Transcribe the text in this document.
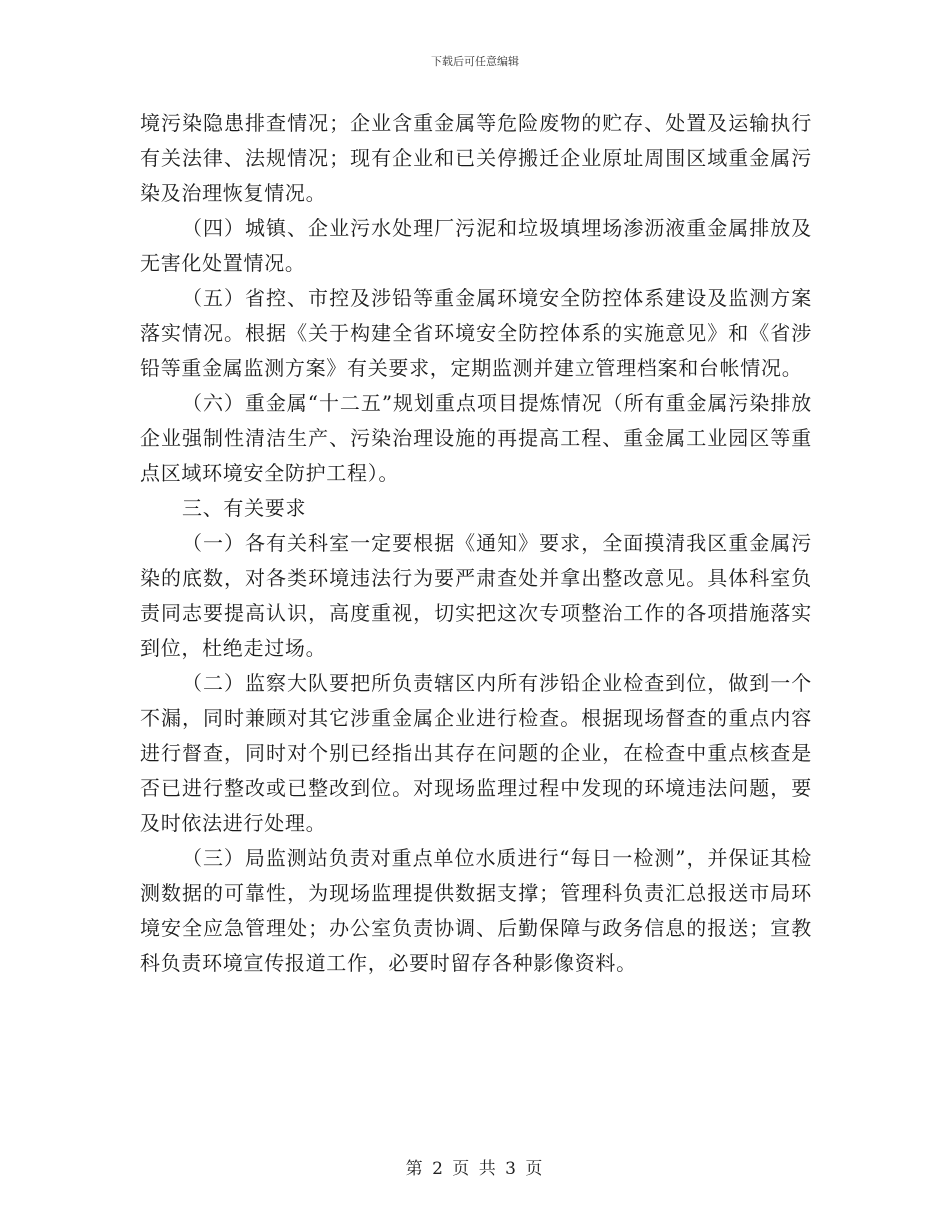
下载后可任意编辑

境污染隐患排查情况；企业含重金属等危险废物的贮存、处置及运输执行有关法律、法规情况；现有企业和已关停搬迁企业原址周围区域重金属污染及治理恢复情况。

（四）城镇、企业污水处理厂污泥和垃圾填埋场渗沥液重金属排放及无害化处置情况。

（五）省控、市控及涉铅等重金属环境安全防控体系建设及监测方案落实情况。根据《关于构建全省环境安全防控体系的实施意见》和《省涉铅等重金属监测方案》有关要求，定期监测并建立管理档案和台帐情况。

（六）重金属“十二五”规划重点项目提炼情况（所有重金属污染排放企业强制性清洁生产、污染治理设施的再提高工程、重金属工业园区等重点区域环境安全防护工程）。

三、有关要求

（一）各有关科室一定要根据《通知》要求，全面摸清我区重金属污染的底数，对各类环境违法行为要严肃查处并拿出整改意见。具体科室负责同志要提高认识，高度重视，切实把这次专项整治工作的各项措施落实到位，杜绝走过场。

（二）监察大队要把所负责辖区内所有涉铅企业检查到位，做到一个不漏，同时兼顾对其它涉重金属企业进行检查。根据现场督查的重点内容进行督查，同时对个别已经指出其存在问题的企业，在检查中重点核查是否已进行整改或已整改到位。对现场监理过程中发现的环境违法问题，要及时依法进行处理。

（三）局监测站负责对重点单位水质进行“每日一检测”，并保证其检测数据的可靠性，为现场监理提供数据支撑；管理科负责汇总报送市局环境安全应急管理处；办公室负责协调、后勤保障与政务信息的报送；宣教科负责环境宣传报道工作，必要时留存各种影像资料。

第 2 页 共 3 页
